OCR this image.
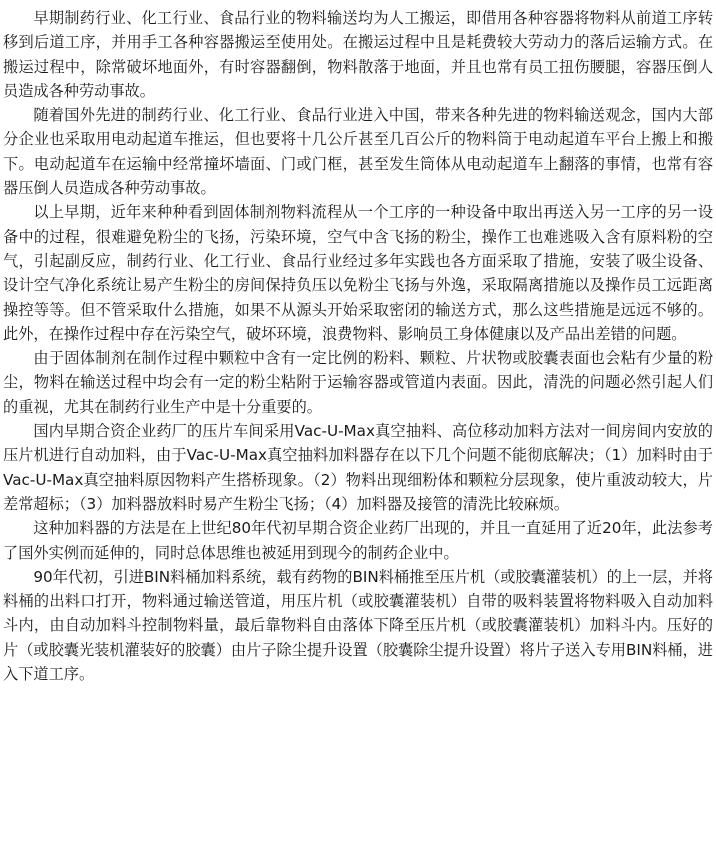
早期制药行业、化工行业、食品行业的物料输送均为人工搬运，即借用各种容器将物料从前道工序转移到后道工序，并用手工各种容器搬运至使用处。在搬运过程中且是耗费较大劳动力的落后运输方式。在搬运过程中，除常破坏地面外，有时容器翻倒，物料散落于地面，并且也常有员工扭伤腰腿，容器压倒人员造成各种劳动事故。

随着国外先进的制药行业、化工行业、食品行业进入中国，带来各种先进的物料输送观念，国内大部分企业也采取用电动起道车推运，但也要将十几公斤甚至几百公斤的物料筒于电动起道车平台上搬上和搬下。电动起道车在运输中经常撞坏墙面、门或门框，甚至发生筒体从电动起道车上翻落的事情，也常有容器压倒人员造成各种劳动事故。

以上早期，近年来种种看到固体制剂物料流程从一个工序的一种设备中取出再送入另一工序的另一设备中的过程，很难避免粉尘的飞扬，污染环境，空气中含飞扬的粉尘，操作工也难逃吸入含有原料粉的空气，引起副反应，制药行业、化工行业、食品行业经过多年实践也各方面采取了措施，安装了吸尘设备、设计空气净化系统让易产生粉尘的房间保持负压以免粉尘飞扬与外逸，采取隔离措施以及操作员工远距离操控等等。但不管采取什么措施，如果不从源头开始采取密闭的输送方式，那么这些措施是远远不够的。此外，在操作过程中存在污染空气，破坏环境，浪费物料、影响员工身体健康以及产品出差错的问题。

由于固体制剂在制作过程中颗粒中含有一定比例的粉料、颗粒、片状物或胶囊表面也会粘有少量的粉尘，物料在输送过程中均会有一定的粉尘粘附于运输容器或管道内表面。因此，清洗的问题必然引起人们的重视，尤其在制药行业生产中是十分重要的。

国内早期合资企业药厂的压片车间采用Vac-U-Max真空抽料、高位移动加料方法对一间房间内安放的压片机进行自动加料，由于Vac-U-Max真空抽料加料器存在以下几个问题不能彻底解决；（1）加料时由于Vac-U-Max真空抽料原因物料产生搭桥现象。（2）物料出现细粉体和颗粒分层现象，使片重波动较大，片差常超标；（3）加料器放料时易产生粉尘飞扬；（4）加料器及接管的清洗比较麻烦。

这种加料器的方法是在上世纪80年代初早期合资企业药厂出现的，并且一直延用了近20年，此法参考了国外实例而延伸的，同时总体思维也被延用到现今的制药企业中。

90年代初，引进BIN料桶加料系统，载有药物的BIN料桶推至压片机（或胶囊灌装机）的上一层，并将料桶的出料口打开，物料通过输送管道，用压片机（或胶囊灌装机）自带的吸料装置将物料吸入自动加料斗内，由自动加料斗控制物料量，最后靠物料自由落体下降至压片机（或胶囊灌装机）加料斗内。压好的片（或胶囊光装机灌装好的胶囊）由片子除尘提升设置（胶囊除尘提升设置）将片子送入专用BIN料桶，进入下道工序。
